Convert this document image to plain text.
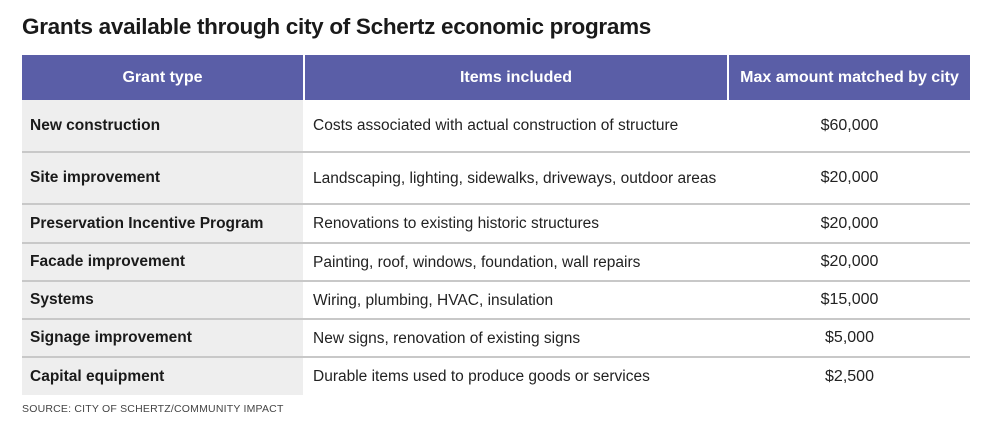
Grants available through city of Schertz economic programs
Grant type	Items included	Max amount matched by city
New construction	Costs associated with actual construction of structure	$60,000
Site improvement	Landscaping, lighting, sidewalks, driveways, outdoor areas	$20,000
Preservation Incentive Program	Renovations to existing historic structures	$20,000
Facade improvement	Painting, roof, windows, foundation, wall repairs	$20,000
Systems	Wiring, plumbing, HVAC, insulation	$15,000
Signage improvement	New signs, renovation of existing signs	$5,000
Capital equipment	Durable items used to produce goods or services	$2,500

SOURCE: CITY OF SCHERTZ/COMMUNITY IMPACT
